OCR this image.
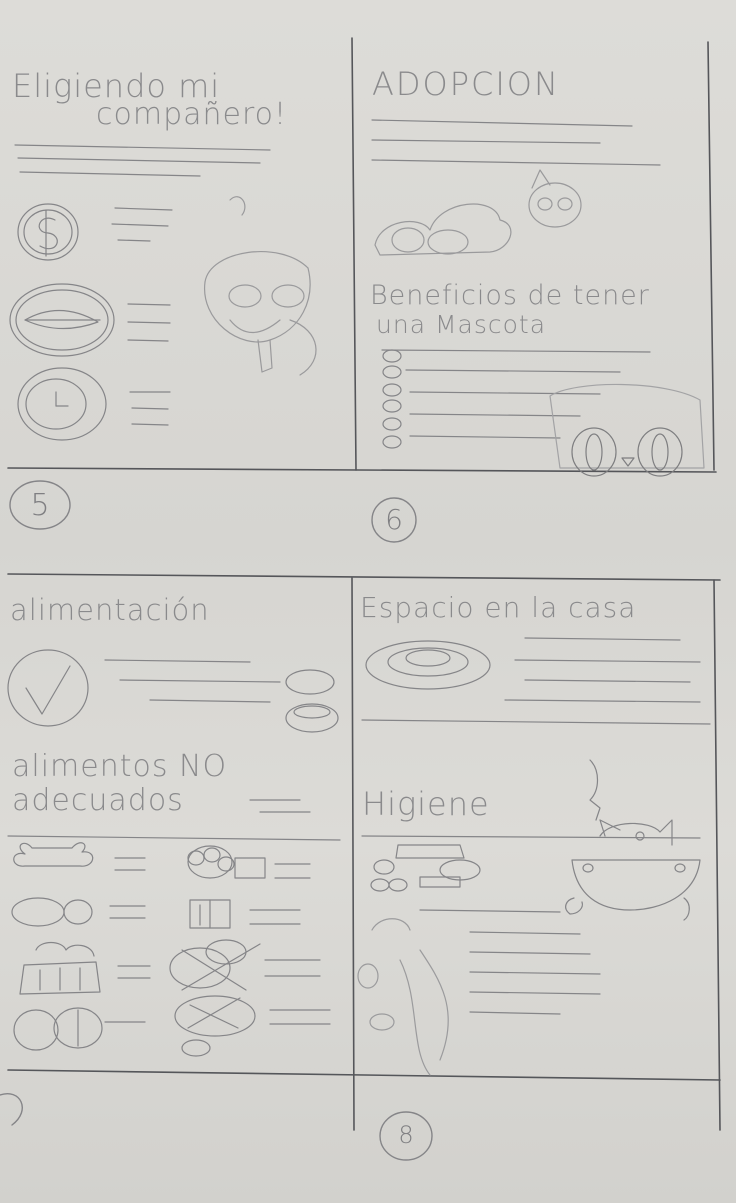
Eligiendo mi
compañero!
ADOPCION
Beneficios de tener
una Mascota
alimentación
alimentos NO
adecuados
Espacio en la casa
Higiene
5	6
8
